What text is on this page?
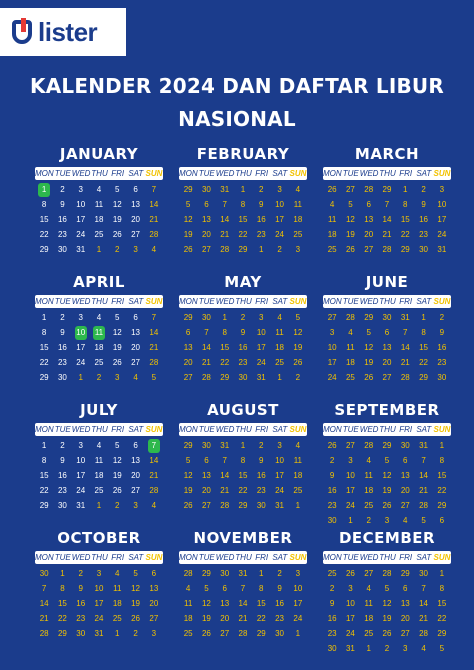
lister
KALENDER 2024 DAN DAFTAR LIBUR NASIONAL
JANUARY
MON TUE WED THU FRI SAT SUN
1	2	3	4	5	6	7
8	9	10 11 12 13 14
15 16 17 18 19 20 21
22 23 24 25 26 27 28
29 30 31	1	2	3	4
FEBRUARY
MON TUE WED THU FRI SAT SUN
29 30 31	1	2	3	4
5	6	7	8	9	10 11
12 13 14 15 16 17 18
19 20 21 22 23 24 25
26 27 28 29	1	2	3
MARCH
MON TUE WED THU FRI SAT SUN
26 27 28 29	1	2	3
4	5	6	7	8	9	10
11 12 13 14 15 16 17
18 19 20 21 22 23 24
25 26 27 28 29 30 31
APRIL
MON TUE WED THU FRI SAT SUN
1	2	3	4	5	6	7
8	9	10 11 12 13 14
15 16 17 18 19 20 21
22 23 24 25 26 27 28
29 30	1	2	3	4	5
MAY
MON TUE WED THU FRI SAT SUN
29 30	1	2	3	4	5
6	7	8	9	10 11 12
13 14 15 16 17 18 19
20 21 22 23 24 25 26
27 28 29 30 31	1	2
JUNE
MON TUE WED THU FRI SAT SUN
27 28 29 30 31	1	2
3	4	5	6	7	8	9
10 11 12 13 14 15 16
17 18 19 20 21 22 23
24 25 26 27 28 29 30
JULY
MON TUE WED THU FRI SAT SUN
1	2	3	4	5	6	7
8	9	10 11 12 13 14
15 16 17 18 19 20 21
22 23 24 25 26 27 28
29 30 31	1	2	3	4
AUGUST
MON TUE WED THU FRI SAT SUN
29 30 31	1	2	3	4
5	6	7	8	9	10 11
12 13 14 15 16 17 18
19 20 21 22 23 24 25
26 27 28 29 30 31	1
SEPTEMBER
MON TUE WED THU FRI SAT SUN
26 27 28 29 30 31	1
2	3	4	5	6	7	8
9	10 11 12 13 14 15
16 17 18 19 20 21 22
23 24 25 26 27 28 29
30	1	2	3	4	5	6
OCTOBER
MON TUE WED THU FRI SAT SUN
30	1	2	3	4	5	6
7	8	9	10 11 12 13
14 15 16 17 18 19 20
21 22 23 24 25 26 27
28 29 30 31	1	2	3
NOVEMBER
MON TUE WED THU FRI SAT SUN
28 29 30 31	1	2	3
4	5	6	7	8	9	10
11 12 13 14 15 16 17
18 19 20 21 22 23 24
25 26 27 28 29 30	1
DECEMBER
MON TUE WED THU FRI SAT SUN
25 26 27 28 29 30	1
2	3	4	5	6	7	8
9	10 11 12 13 14 15
16 17 18 19 20 21 22
23 24 25 26 27 28 29
30 31	1	2	3	4	5
